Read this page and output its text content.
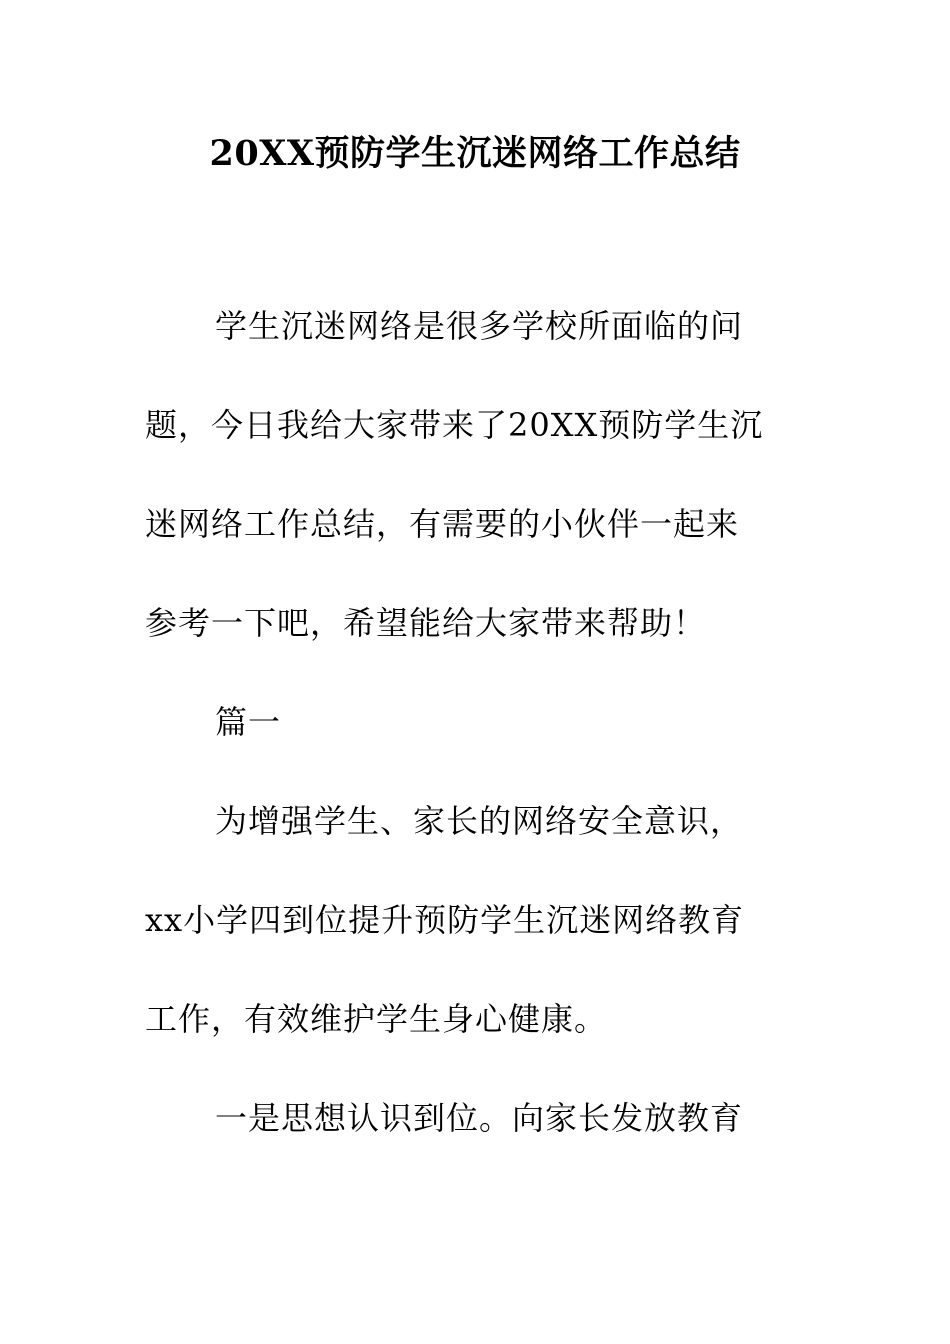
20XX预防学生沉迷网络工作总结
学生沉迷网络是很多学校所面临的问
题，今日我给大家带来了20XX预防学生沉
迷网络工作总结，有需要的小伙伴一起来
参考一下吧，希望能给大家带来帮助！
篇一
为增强学生、家长的网络安全意识，
xx小学四到位提升预防学生沉迷网络教育
工作，有效维护学生身心健康。
一是思想认识到位。向家长发放教育
